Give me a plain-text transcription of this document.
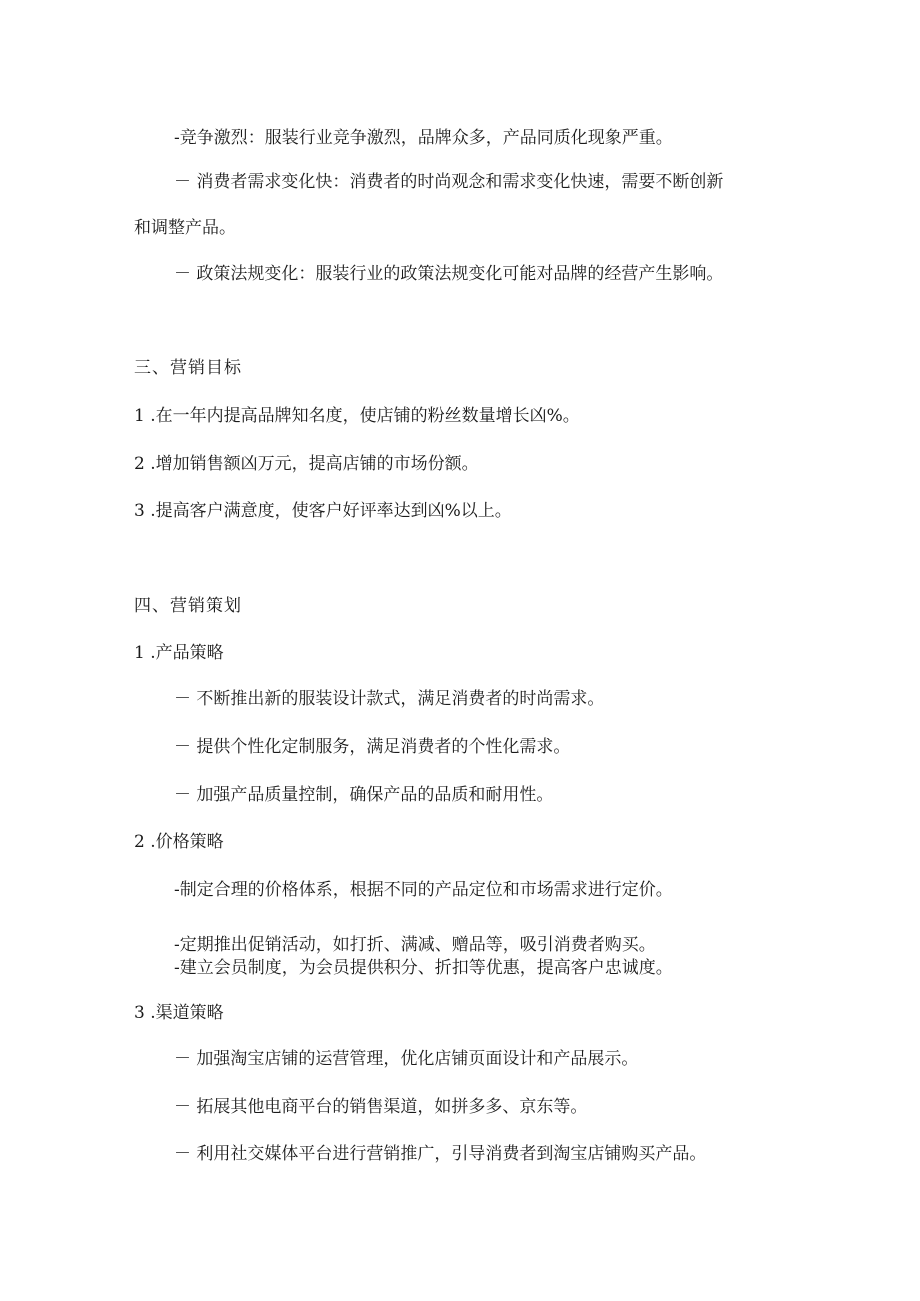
-竞争激烈：服装行业竞争激烈，品牌众多，产品同质化现象严重。

－ 消费者需求变化快：消费者的时尚观念和需求变化快速，需要不断创新

和调整产品。

－ 政策法规变化：服装行业的政策法规变化可能对品牌的经营产生影响。

三、营销目标

1 .在一年内提高品牌知名度，使店铺的粉丝数量增长凶%。

2 .增加销售额凶万元，提高店铺的市场份额。

3 .提高客户满意度，使客户好评率达到凶%以上。

四、营销策划

1 .产品策略

－ 不断推出新的服装设计款式，满足消费者的时尚需求。

－ 提供个性化定制服务，满足消费者的个性化需求。

－ 加强产品质量控制，确保产品的品质和耐用性。

2 .价格策略

-制定合理的价格体系，根据不同的产品定位和市场需求进行定价。

-定期推出促销活动，如打折、满减、赠品等，吸引消费者购买。

-建立会员制度，为会员提供积分、折扣等优惠，提高客户忠诚度。

3 .渠道策略

－ 加强淘宝店铺的运营管理，优化店铺页面设计和产品展示。

－ 拓展其他电商平台的销售渠道，如拼多多、京东等。

－ 利用社交媒体平台进行营销推广，引导消费者到淘宝店铺购买产品。
